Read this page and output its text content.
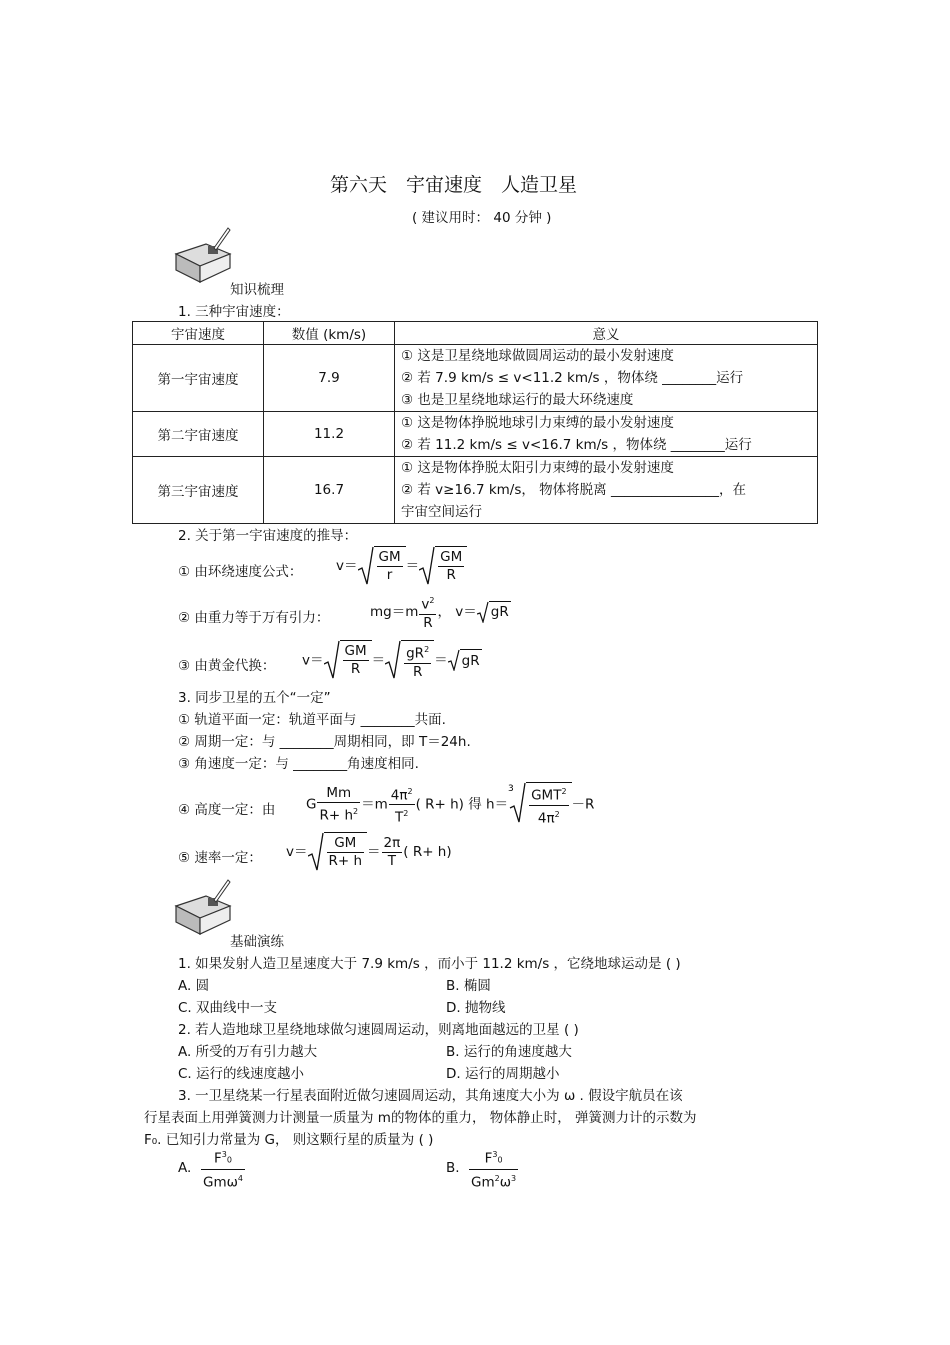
第六天　宇宙速度　人造卫星
( 建议用时： 40 分钟 )
知识梳理
1. 三种宇宙速度：
宇宙速度	数值 (km/s)	意义
第一宇宙速度	7.9	① 这是卫星绕地球做圆周运动的最小发射速度
② 若 7.9 km/s ≤ v<11.2 km/s ，物体绕 ________运行
③ 也是卫星绕地球运行的最大环绕速度

第二宇宙速度	11.2	① 这是物体挣脱地球引力束缚的最小发射速度
② 若 11.2 km/s ≤ v<16.7 km/s ，物体绕 ________运行

第三宇宙速度	16.7	① 这是物体挣脱太阳引力束缚的最小发射速度
② 若 v≥16.7 km/s， 物体将脱离 ________________，在
宇宙空间运行
2. 关于第一宇宙速度的推导：
① 由环绕速度公式： $v= \frac{GM}{r} = \frac{GM}{R}$
② 由重力等于万有引力：	$mg=m \frac{v^2}{R}$ ， v＝ gR
③ 由黄金代换： $v= \frac{GM}{R} = \frac{gR^2}{R}$ ＝ gR
3. 同步卫星的五个“一定”
① 轨道平面一定：轨道平面与 ________共面.
② 周期一定：与 ________周期相同，即 T＝24h.
③ 角速度一定：与 ________角速度相同.
④ 高度一定：由 G $\frac{Mm}{R+ h^2} =m \frac{4\pi^2}{T^2}$ ( R+ h) 得 h＝
$3 \frac{GMT^2}{4\pi^2} -R$
⑤ 速率一定： $v= \frac{GM}{R+ h} = \frac{2\pi}{T}$ ( R+ h)
基础演练
1. 如果发射人造卫星速度大于 7.9 km/s ，而小于 11.2 km/s ，它绕地球运动是 ( )
A. 圆	B. 椭圆
C. 双曲线中一支	D. 抛物线
2. 若人造地球卫星绕地球做匀速圆周运动，则离地面越远的卫星 ( )
A. 所受的万有引力越大	B. 运行的角速度越大
C. 运行的线速度越小	D. 运行的周期越小
3. 一卫星绕某一行星表面附近做匀速圆周运动，其角速度大小为 ω . 假设宇航员在该
行星表面上用弹簧测力计测量一质量为 m的物体的重力， 物体静止时， 弹簧测力计的示数为
F₀. 已知引力常量为 G， 则这颗行星的质量为 ( )
A. $\frac{F^30}{Gm\omega^4}$	B. $\frac{F^30}{Gm^2\omega^3}$
